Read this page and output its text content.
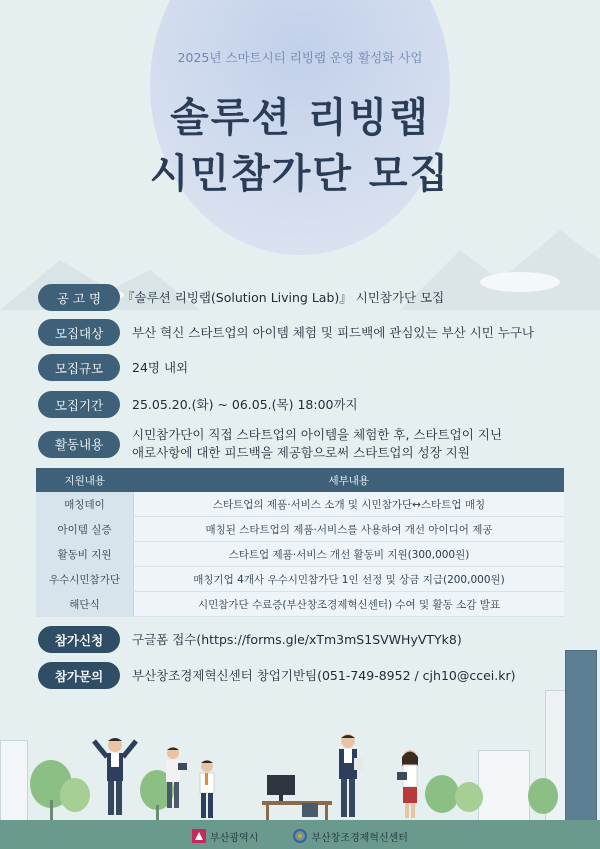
2025년 스마트시티 리빙랩 운영 활성화 사업
솔루션 리빙랩
시민참가단 모집
공 고 명	『솔루션 리빙랩(Solution Living Lab)』 시민참가단 모집
모집대상	부산 혁신 스타트업의 아이템 체험 및 피드백에 관심있는 부산 시민 누구나
모집규모	24명 내외
모집기간	25.05.20.(화) ~ 06.05.(목) 18:00까지
활동내용
시민참가단이 직접 스타트업의 아이템을 체험한 후, 스타트업이 지닌
애로사항에 대한 피드백을 제공함으로써 스타트업의 성장 지원
지원내용	세부내용
매칭데이	스타트업의 제품·서비스 소개 및 시민참가단↔스타트업 매칭
아이템 실증	매칭된 스타트업의 제품·서비스를 사용하여 개선 아이디어 제공
활동비 지원	스타트업 제품·서비스 개선 활동비 지원(300,000원)
우수시민참가단	매칭기업 4개사 우수시민참가단 1인 선정 및 상금 지급(200,000원)
해단식	시민참가단 수료증(부산창조경제혁신센터) 수여 및 활동 소감 발표
참가신청	구글폼 접수(https://forms.gle/xTm3mS1SVWHyVTYk8)
참가문의	부산창조경제혁신센터 창업기반팀(051-749-8952 / cjh10@ccei.kr)
부산광역시	부산창조경제혁신센터
